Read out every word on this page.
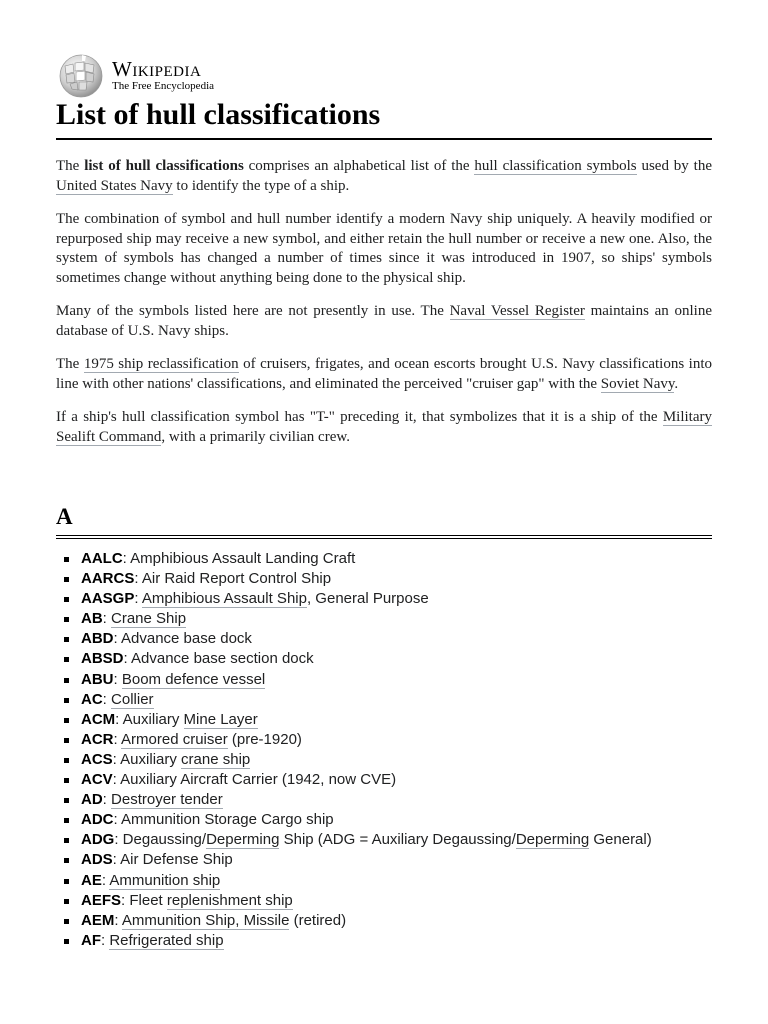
Wikipedia
The Free Encyclopedia
List of hull classifications

The list of hull classifications comprises an alphabetical list of the hull classification symbols used by the United States Navy to identify the type of a ship.

The combination of symbol and hull number identify a modern Navy ship uniquely. A heavily modified or repurposed ship may receive a new symbol, and either retain the hull number or receive a new one. Also, the system of symbols has changed a number of times since it was introduced in 1907, so ships' symbols sometimes change without anything being done to the physical ship.

Many of the symbols listed here are not presently in use. The Naval Vessel Register maintains an online database of U.S. Navy ships.

The 1975 ship reclassification of cruisers, frigates, and ocean escorts brought U.S. Navy classifications into line with other nations' classifications, and eliminated the perceived "cruiser gap" with the Soviet Navy.

If a ship's hull classification symbol has "T-" preceding it, that symbolizes that it is a ship of the Military Sealift Command, with a primarily civilian crew.

A
AALC: Amphibious Assault Landing Craft
AARCS: Air Raid Report Control Ship
AASGP: Amphibious Assault Ship, General Purpose
AB: Crane Ship
ABD: Advance base dock
ABSD: Advance base section dock
ABU: Boom defence vessel
AC: Collier
ACM: Auxiliary Mine Layer
ACR: Armored cruiser (pre-1920)
ACS: Auxiliary crane ship
ACV: Auxiliary Aircraft Carrier (1942, now CVE)
AD: Destroyer tender
ADC: Ammunition Storage Cargo ship
ADG: Degaussing/Deperming Ship (ADG = Auxiliary Degaussing/Deperming General)
ADS: Air Defense Ship
AE: Ammunition ship
AEFS: Fleet replenishment ship
AEM: Ammunition Ship, Missile (retired)
AF: Refrigerated ship
